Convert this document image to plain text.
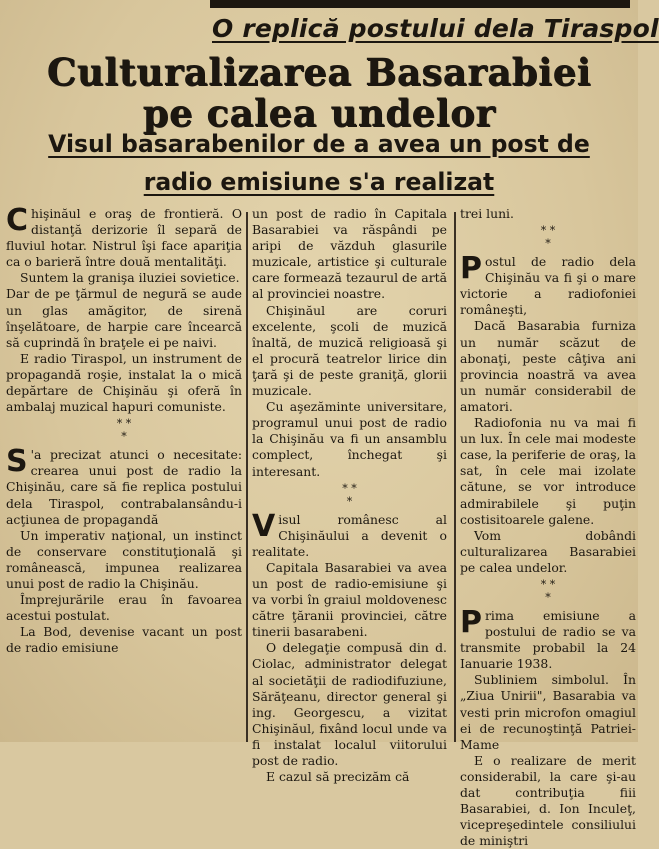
O replică postului dela Tiraspol
Culturalizarea Basarabiei
pe calea undelor
Visul basarabenilor de a avea un post de
radio emisiune s'a realizat

Chişinăul e oraş de frontieră. O distanţă derizorie îl separă de fluviul hotar. Nistrul îşi face apariţia ca o barieră între două mentalităţi.

Suntem la granişa iluziei sovietice.

Dar de pe ţărmul de negură se aude un glas amăgitor, de sirenă înşelătoare, de harpie care încearcă să cuprindă în braţele ei pe naivi.

E radio Tiraspol, un instrument de propagandă roşie, instalat la o mică depărtare de Chişinău şi oferă în ambalaj muzical hapuri comuniste.

* *
*

S 'a precizat atunci o necesitate: crearea unui post de radio la Chişinău, care să fie replica postului dela Tiraspol, contrabalansându-i acţiunea de propagandă

Un imperativ naţional, un instinct de conservare constituţională şi românească, impunea realizarea unui post de radio la Chişinău.

Împrejurările erau în favoarea acestui postulat.

La Bod, devenise vacant un post de radio emisiune

un post de radio în Capitala Basarabiei va răspândi pe aripi de văzduh glasurile muzicale, artistice şi culturale care formează tezaurul de artă al provinciei noastre.

Chişinăul are coruri excelente, şcoli de muzică înaltă, de muzică religioasă şi el procură teatrelor lirice din ţară şi de peste graniţă, glorii muzicale.

Cu aşezăminte universitare, programul unui post de radio la Chişinău va fi un ansamblu complect, închegat şi interesant.

* *
*

Visul românesc al Chişinăului a devenit o realitate.

Capitala Basarabiei va avea un post de radio-emisiune şi va vorbi în graiul moldovenesc către ţăranii provinciei, către tinerii basarabeni.

O delegaţie compusă din d. Ciolac, administrator delegat al societăţii de radiodifuziune, Sărăţeanu, director general şi ing. Georgescu, a vizitat Chişinăul, fixând locul unde va fi instalat localul viitorului post de radio.

E cazul să precizăm că

trei luni.

* *
*

Postul de radio dela Chişinău va fi şi o mare victorie a radiofoniei româneşti,

Dacă Basarabia furniza un număr scăzut de abonaţi, peste câţiva ani provincia noastră va avea un număr considerabil de amatori.

Radiofonia nu va mai fi un lux. În cele mai modeste case, la periferie de oraş, la sat, în cele mai izolate cătune, se vor introduce admirabilele şi puţin costisitoarele galene.

Vom dobândi culturalizarea Basarabiei pe calea undelor.

* *
*

Prima emisiune a postului de radio se va transmite probabil la 24 Ianuarie 1938.

Subliniem simbolul. În „Ziua Unirii", Basarabia va vesti prin microfon omagiul ei de recunoştinţă Patriei-Mame

E o realizare de merit considerabil, la care şi-au dat contribuţia fiii Basarabiei, d. Ion Inculeţ, vicepreşedintele consiliului de miniştri
